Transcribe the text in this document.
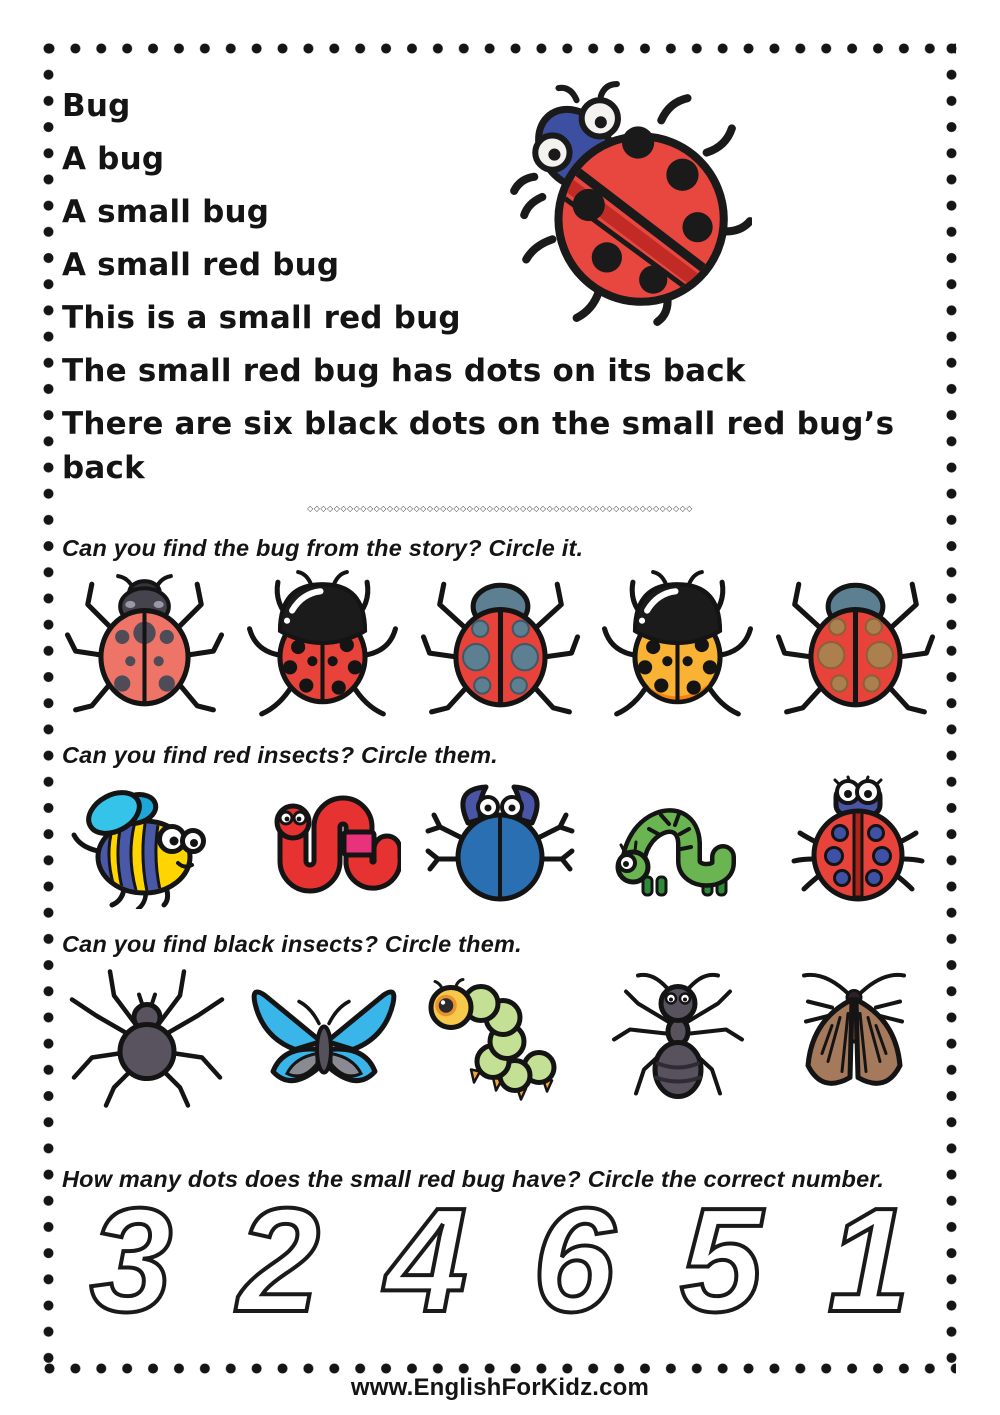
Bug

A bug

A small bug

A small red bug

This is a small red bug

The small red bug has dots on its back

There are six black dots on the small red bug’s back

◇◇◇◇◇◇◇◇◇◇◇◇◇◇◇◇◇◇◇◇◇◇◇◇◇◇◇◇◇◇◇◇◇◇◇◇◇◇◇◇◇◇◇◇◇◇◇◇◇◇◇◇◇◇◇◇◇◇
Can you find the bug from the story? Circle it.
Can you find red insects? Circle them.
Can you find black insects? Circle them.
How many dots does the small red bug have? Circle the correct number.
3 2 4 6 5 1
www.EnglishForKidz.com
